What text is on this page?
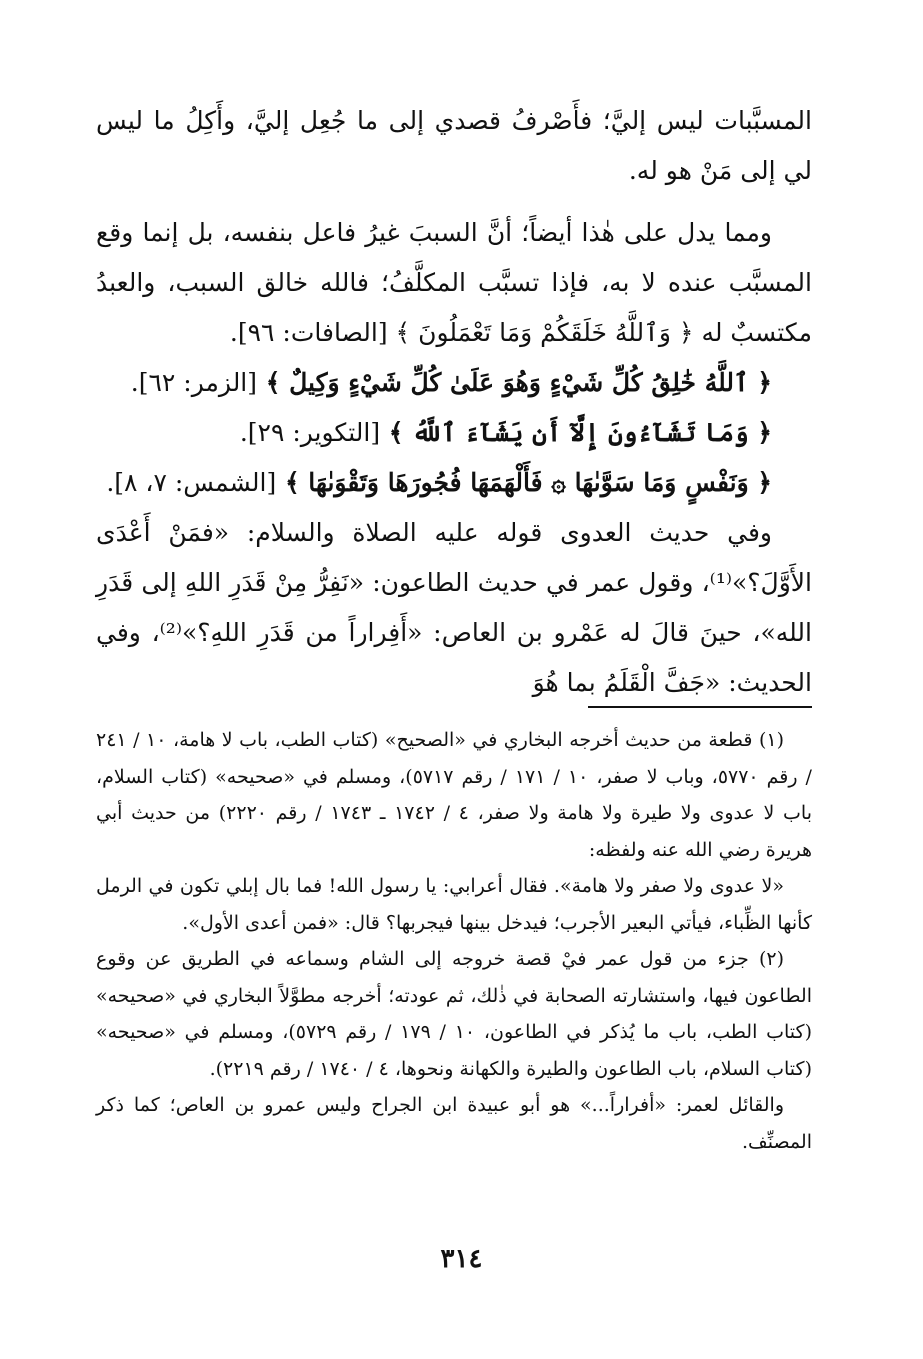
المسبَّبات ليس إليَّ؛ فأَصْرفُ قصدي إلى ما جُعِل إليَّ، وأَكِلُ ما ليس لي إلى مَنْ هو له.

ومما يدل على هٰذا أيضاً؛ أنَّ السببَ غيرُ فاعل بنفسه، بل إنما وقع المسبَّب عنده لا به، فإذا تسبَّب المكلَّفُ؛ فالله خالق السبب، والعبدُ مكتسبٌ له ﴿ وَٱللَّهُ خَلَقَكُمْ وَمَا تَعْمَلُونَ ﴾ [الصافات: ٩٦].

﴿ ٱللَّهُ خَٰلِقُ كُلِّ شَيْءٍ وَهُوَ عَلَىٰ كُلِّ شَيْءٍ وَكِيلٌ ﴾ [الزمر: ٦٢].

﴿ وَمَا تَشَآءُونَ إِلَّآ أَن يَشَآءَ ٱللَّهُ ﴾ [التكوير: ٢٩].

﴿ وَنَفْسٍ وَمَا سَوَّىٰهَا ۞ فَأَلْهَمَهَا فُجُورَهَا وَتَقْوَىٰهَا ﴾ [الشمس: ٧، ٨].

وفي حديث العدوى قوله عليه الصلاة والسلام: «فمَنْ أَعْدَى الأَوَّلَ؟»⁽¹⁾، وقول عمر في حديث الطاعون: «نَفِرُّ مِنْ قَدَرِ اللهِ إلى قَدَرِ الله»، حينَ قالَ له عَمْرو بن العاص: «أَفِراراً من قَدَرِ اللهِ؟»⁽²⁾، وفي الحديث: «جَفَّ الْقَلَمُ بما هُوَ

(١) قطعة من حديث أخرجه البخاري في «الصحيح» (كتاب الطب، باب لا هامة، ١٠ / ٢٤١ / رقم ٥٧٧٠، وباب لا صفر، ١٠ / ١٧١ / رقم ٥٧١٧)، ومسلم في «صحيحه» (كتاب السلام، باب لا عدوى ولا طيرة ولا هامة ولا صفر، ٤ / ١٧٤٢ ـ ١٧٤٣ / رقم ٢٢٢٠) من حديث أبي هريرة رضي الله عنه ولفظه:

«لا عدوى ولا صفر ولا هامة». فقال أعرابي: يا رسول الله! فما بال إبلي تكون في الرمل كأنها الظِّباء، فيأتي البعير الأجرب؛ فيدخل بينها فيجربها؟ قال: «فمن أعدى الأول».

(٢) جزء من قول عمر فيْ قصة خروجه إلى الشام وسماعه في الطريق عن وقوع الطاعون فيها، واستشارته الصحابة في ذٰلك، ثم عودته؛ أخرجه مطوَّلاً البخاري في «صحيحه» (كتاب الطب، باب ما يُذكر في الطاعون، ١٠ / ١٧٩ / رقم ٥٧٢٩)، ومسلم في «صحيحه» (كتاب السلام، باب الطاعون والطيرة والكهانة ونحوها، ٤ / ١٧٤٠ / رقم ٢٢١٩).

والقائل لعمر: «أفراراً...» هو أبو عبيدة ابن الجراح وليس عمرو بن العاص؛ كما ذكر المصنِّف.

٣١٤
